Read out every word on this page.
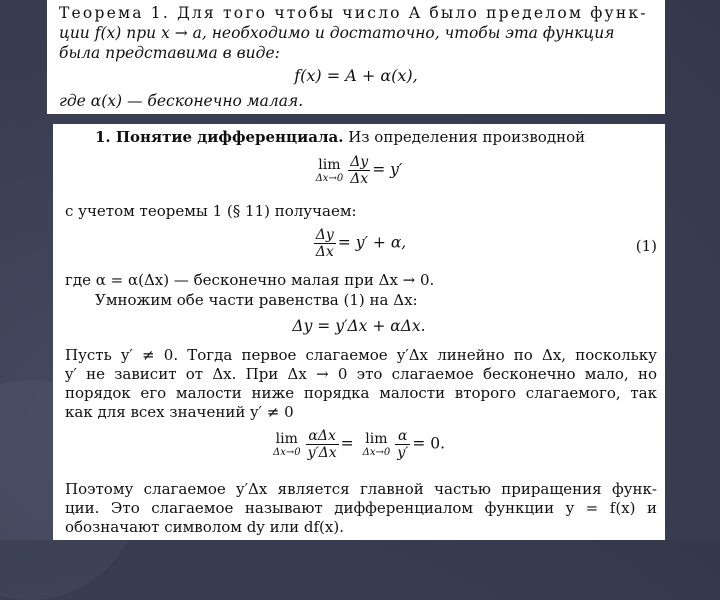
Теорема 1. Для того чтобы число A было пределом функ-
ции f(x) при x → a, необходимо и достаточно, чтобы эта функция
была представима в виде:
f(x) = A + α(x),
где α(x) — бесконечно малая.
1. Понятие дифференциала. Из определения производной
lim
$\Delta x\to 0 \frac{\Delta y}{\Delta x} = y'$
с учетом теоремы 1 (§ 11) получаем:
$\frac{\Delta y}{\Delta x} = y' + \alpha$,	(1)
где α = α(Δx) — бесконечно малая при Δx → 0.
Умножим обе части равенства (1) на Δx:
Δy = y′Δx + αΔx.
Пусть y′ ≠ 0. Тогда первое слагаемое y′Δx линейно по Δx, поскольку
y′ не зависит от Δx. При Δx → 0 это слагаемое бесконечно мало, но
порядок его малости ниже порядка малости второго слагаемого, так
как для всех значений y′ ≠ 0
lim
$\Delta x\to 0 \frac{\text{αΔx}}{y'\Delta x} = \lim$
$\Delta x\to 0 \frac{\alpha}{y'} = 0$.
Поэтому слагаемое y′Δx является главной частью приращения функ-
ции. Это слагаемое называют дифференциалом функции y = f(x) и
обозначают символом dy или df(x).
